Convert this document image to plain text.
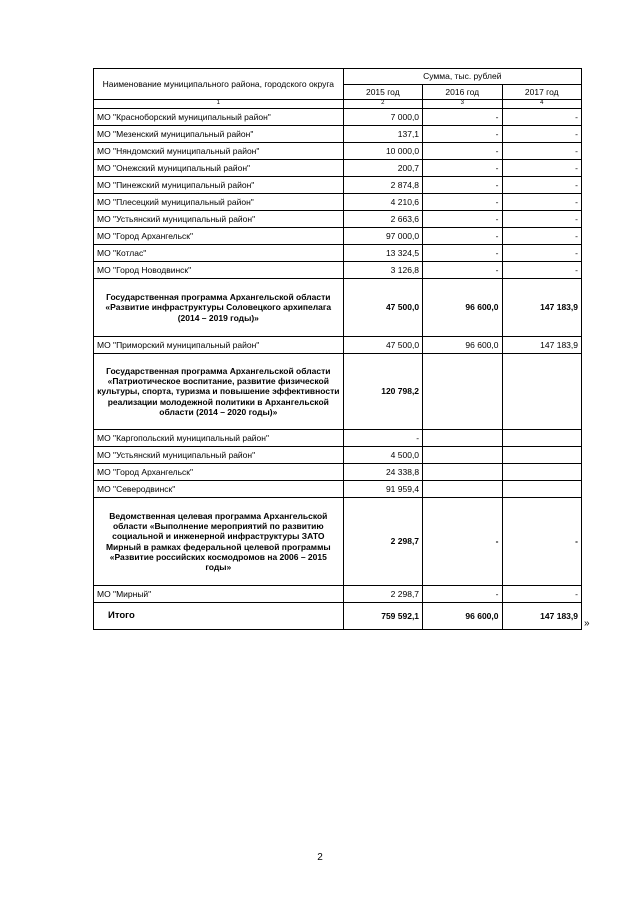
Наименование муниципального района, городского округа	Сумма, тыс. рублей		
	2015 год	2016 год	2017 год
1	2	3	4
МО "Красноборский муниципальный район"	7 000,0	-	-
МО "Мезенский муниципальный район"	137,1	-	-
МО "Няндомский муниципальный район"	10 000,0	-	-
МО "Онежский муниципальный район"	200,7	-	-
МО "Пинежский муниципальный район"	2 874,8	-	-
МО "Плесецкий муниципальный район"	4 210,6	-	-
МО "Устьянский муниципальный район"	2 663,6	-	-
МО "Город Архангельск"	97 000,0	-	-
МО "Котлас"	13 324,5	-	-
МО "Город Новодвинск"	3 126,8	-	-
Государственная программа Архангельской области «Развитие инфраструктуры Соловецкого архипелага (2014 – 2019 годы)»	47 500,0	96 600,0	147 183,9
МО "Приморский муниципальный район"	47 500,0	96 600,0	147 183,9
Государственная программа Архангельской области «Патриотическое воспитание, развитие физической культуры, спорта, туризма и повышение эффективности реализации молодежной политики в Архангельской области (2014 – 2020 годы)»	120 798,2		
МО "Каргопольский муниципальный район"	-		
МО "Устьянский муниципальный район"	4 500,0		
МО "Город Архангельск"	24 338,8		
МО "Северодвинск"	91 959,4		
Ведомственная целевая программа Архангельской области «Выполнение мероприятий по развитию социальной и инженерной инфраструктуры ЗАТО Мирный в рамках федеральной целевой программы «Развитие российских космодромов на 2006 – 2015 годы»	2 298,7	-	-
МО "Мирный"	2 298,7	-	-
Итого	759 592,1	96 600,0	147 183,9
»
2
